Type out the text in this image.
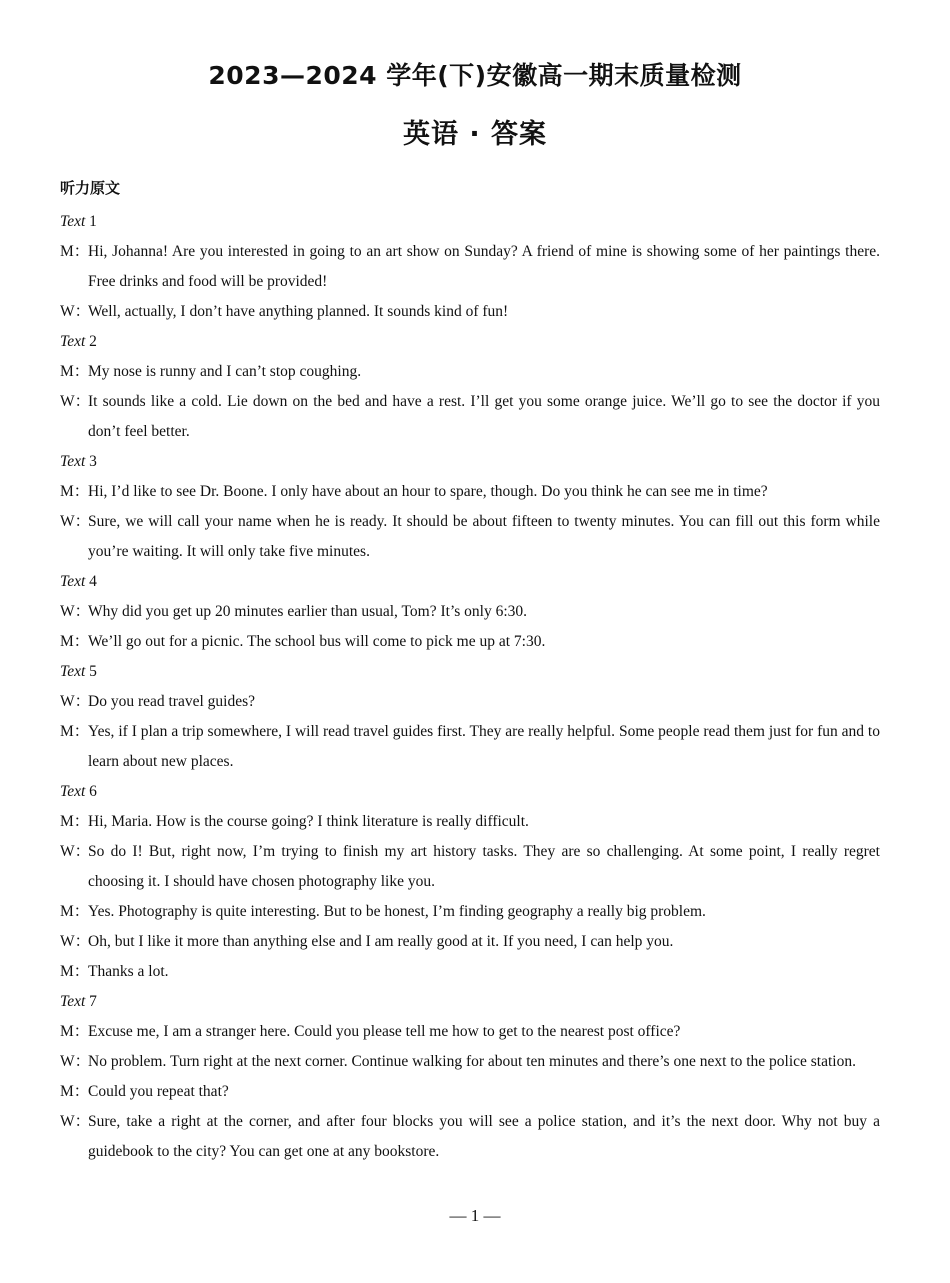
2023—2024 学年(下)安徽高一期末质量检测
英语 · 答案
听力原文
Text 1
M：
Hi, Johanna! Are you interested in going to an art show on Sunday? A friend of mine is showing some of her paintings there. Free drinks and food will be provided!
W：
Well, actually, I don’t have anything planned. It sounds kind of fun!
Text 2
M：
My nose is runny and I can’t stop coughing.
W：
It sounds like a cold. Lie down on the bed and have a rest. I’ll get you some orange juice. We’ll go to see the doctor if you don’t feel better.
Text 3
M：
Hi, I’d like to see Dr. Boone. I only have about an hour to spare, though. Do you think he can see me in time?
W：
Sure, we will call your name when he is ready. It should be about fifteen to twenty minutes. You can fill out this form while you’re waiting. It will only take five minutes.
Text 4
W：
Why did you get up 20 minutes earlier than usual, Tom? It’s only 6:30.
M：
We’ll go out for a picnic. The school bus will come to pick me up at 7:30.
Text 5
W：
Do you read travel guides?
M：
Yes, if I plan a trip somewhere, I will read travel guides first. They are really helpful. Some people read them just for fun and to learn about new places.
Text 6
M：
Hi, Maria. How is the course going? I think literature is really difficult.
W：
So do I! But, right now, I’m trying to finish my art history tasks. They are so challenging. At some point, I really regret choosing it. I should have chosen photography like you.
M：
Yes. Photography is quite interesting. But to be honest, I’m finding geography a really big problem.
W：
Oh, but I like it more than anything else and I am really good at it. If you need, I can help you.
M：
Thanks a lot.
Text 7
M：
Excuse me, I am a stranger here. Could you please tell me how to get to the nearest post office?
W：
No problem. Turn right at the next corner. Continue walking for about ten minutes and there’s one next to the police station.
M：
Could you repeat that?
W：
Sure, take a right at the corner, and after four blocks you will see a police station, and it’s the next door. Why not buy a guidebook to the city? You can get one at any bookstore.
— 1 —
